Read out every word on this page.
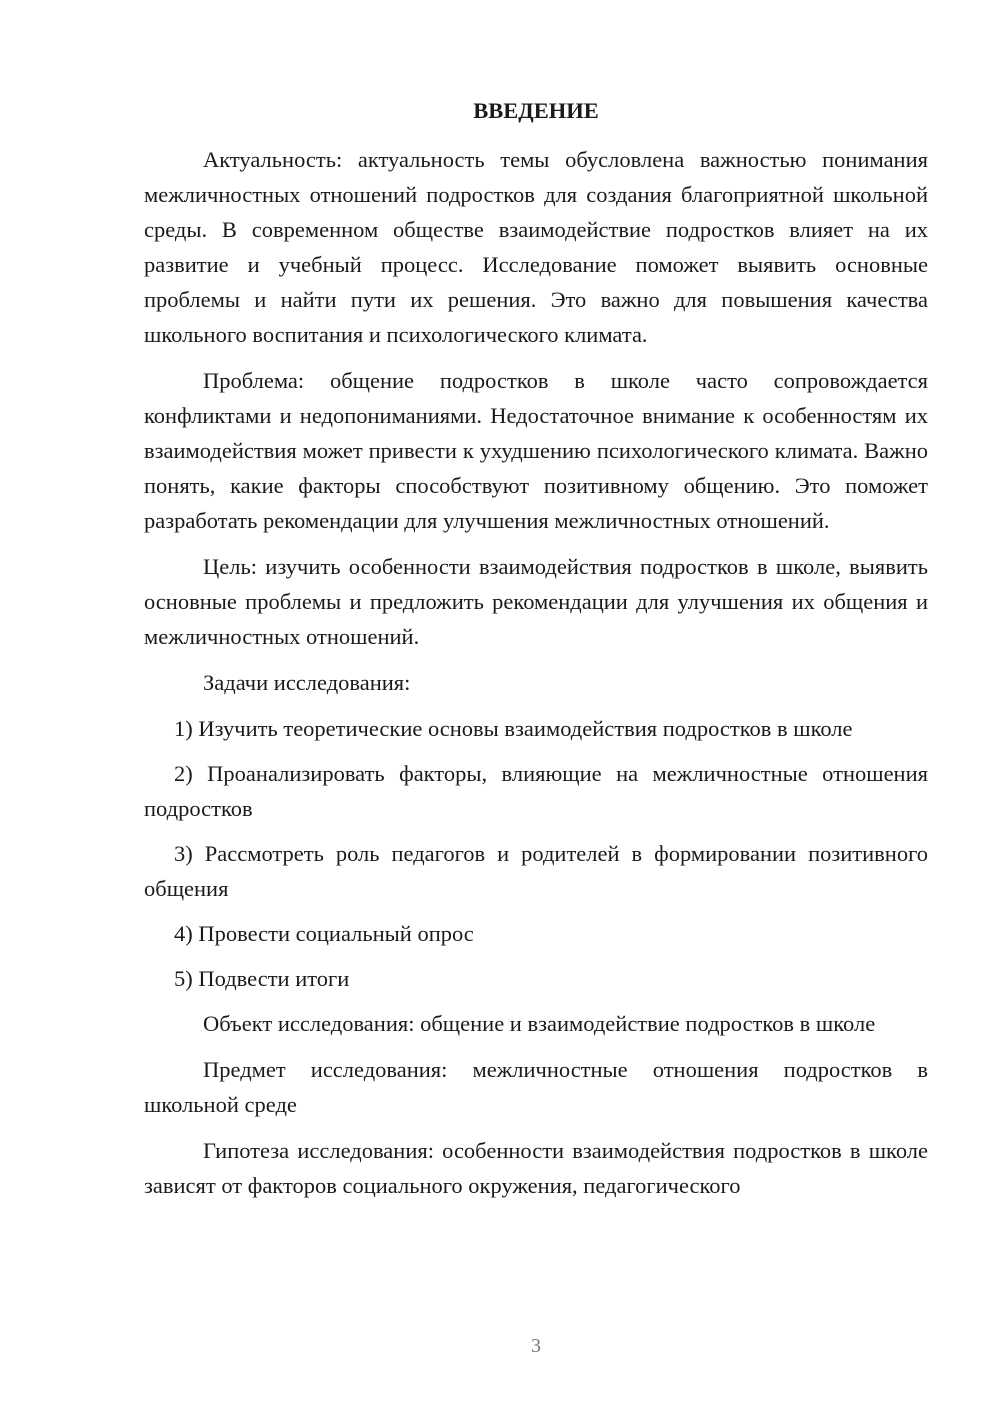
ВВЕДЕНИЕ

Актуальность: актуальность темы обусловлена важностью понимания межличностных отношений подростков для создания благоприятной школьной среды. В современном обществе взаимодействие подростков влияет на их развитие и учебный процесс. Исследование поможет выявить основные проблемы и найти пути их решения. Это важно для повышения качества школьного воспитания и психологического климата.

Проблема: общение подростков в школе часто сопровождается конфликтами и недопониманиями. Недостаточное внимание к особенностям их взаимодействия может привести к ухудшению психологического климата. Важно понять, какие факторы способствуют позитивному общению. Это поможет разработать рекомендации для улучшения межличностных отношений.

Цель: изучить особенности взаимодействия подростков в школе, выявить основные проблемы и предложить рекомендации для улучшения их общения и межличностных отношений.

Задачи исследования:

1) Изучить теоретические основы взаимодействия подростков в школе

2) Проанализировать факторы, влияющие на межличностные отношения подростков

3) Рассмотреть роль педагогов и родителей в формировании позитивного общения

4) Провести социальный опрос

5) Подвести итоги

Объект исследования: общение и взаимодействие подростков в школе

Предмет исследования: межличностные отношения подростков в школьной среде

Гипотеза исследования: особенности взаимодействия подростков в школе зависят от факторов социального окружения, педагогического

3
